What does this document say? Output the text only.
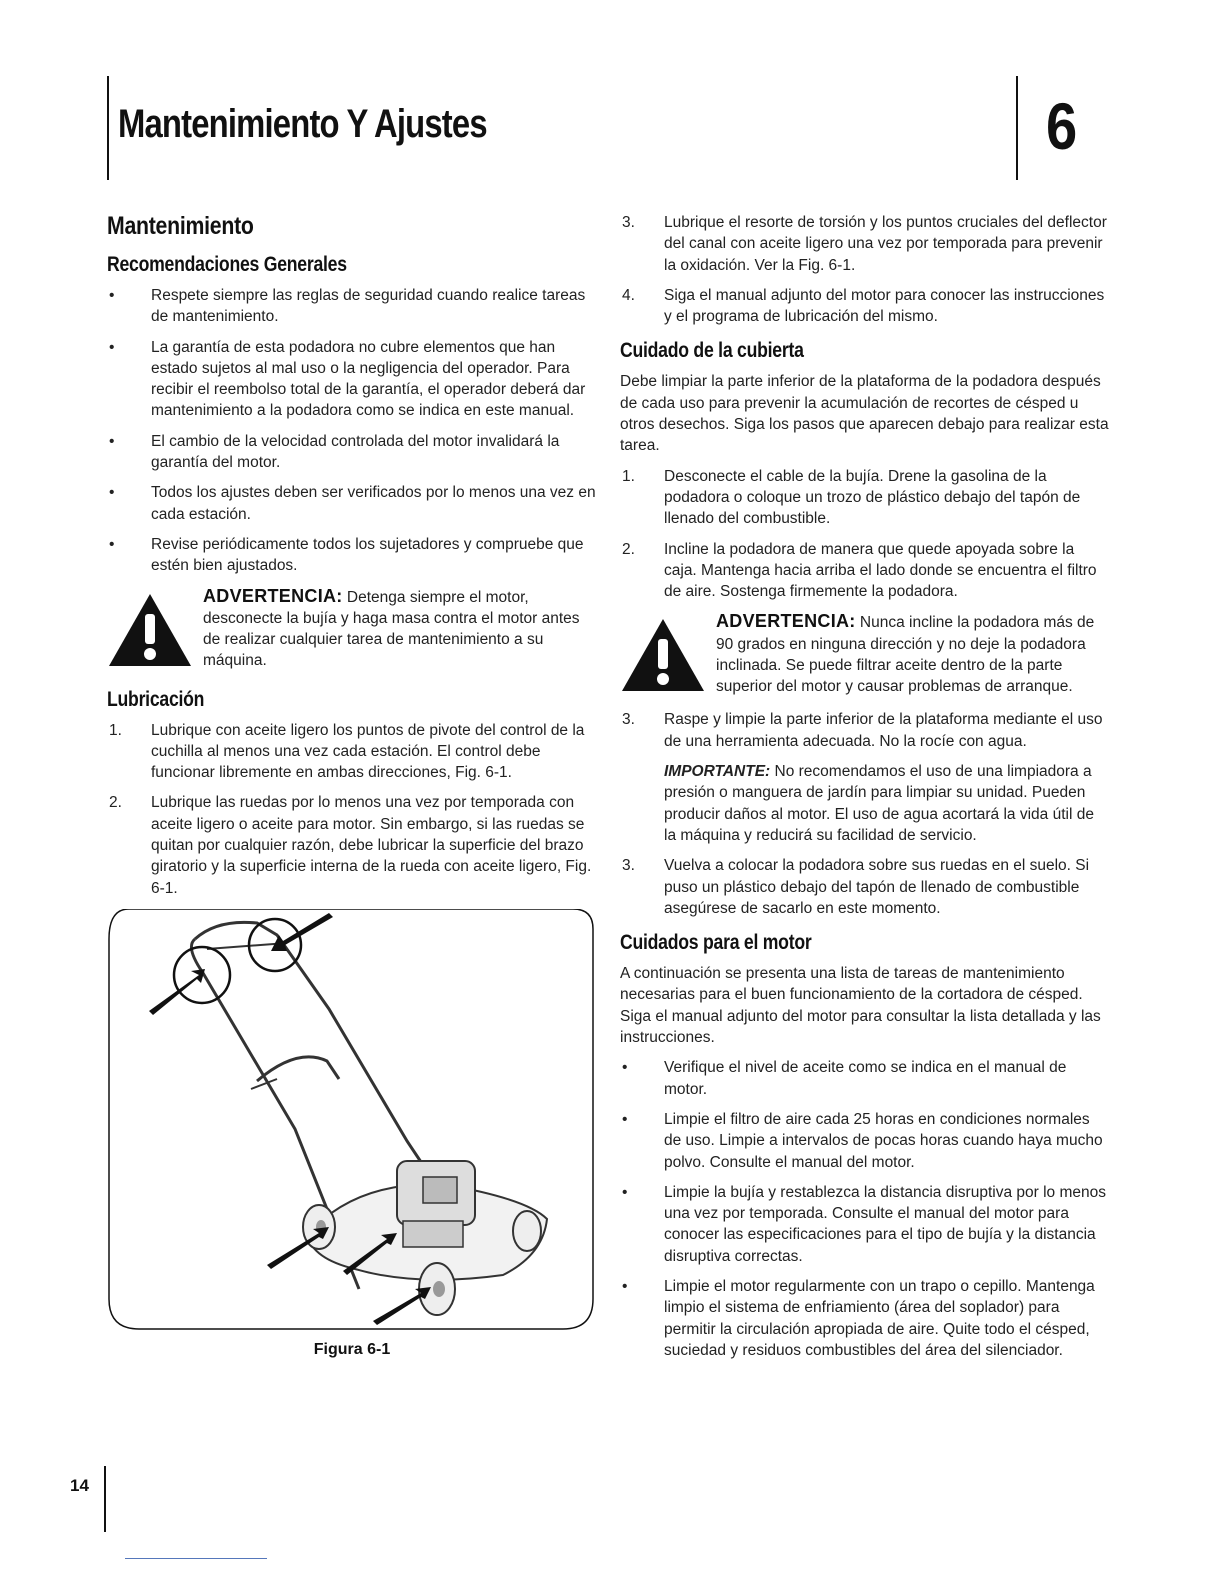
Mantenimiento Y Ajustes	6
Mantenimiento
Recomendaciones Generales
• Respete siempre las reglas de seguridad cuando realice tareas de mantenimiento.
• La garantía de esta podadora no cubre elementos que han estado sujetos al mal uso o la negligencia del operador. Para recibir el reembolso total de la garantía, el operador deberá dar mantenimiento a la podadora como se indica en este manual.
• El cambio de la velocidad controlada del motor invalidará la garantía del motor.
• Todos los ajustes deben ser verificados por lo menos una vez en cada estación.
• Revise periódicamente todos los sujetadores y compruebe que estén bien ajustados.
ADVERTENCIA: Detenga siempre el motor, desconecte la bujía y haga masa contra el motor antes de realizar cualquier tarea de mantenimiento a su máquina.
Lubricación
1. Lubrique con aceite ligero los puntos de pivote del control de la cuchilla al menos una vez cada estación. El control debe funcionar libremente en ambas direcciones, Fig. 6-1.
2. Lubrique las ruedas por lo menos una vez por temporada con aceite ligero o aceite para motor. Sin embargo, si las ruedas se quitan por cualquier razón, debe lubricar la superficie del brazo giratorio y la superficie interna de la rueda con aceite ligero, Fig. 6-1.
Figura 6-1
3. Lubrique el resorte de torsión y los puntos cruciales del deflector del canal con aceite ligero una vez por temporada para prevenir la oxidación. Ver la Fig. 6-1.
4. Siga el manual adjunto del motor para conocer las instrucciones y el programa de lubricación del mismo.
Cuidado de la cubierta

Debe limpiar la parte inferior de la plataforma de la podadora después de cada uso para prevenir la acumulación de recortes de césped u otros desechos. Siga los pasos que aparecen debajo para realizar esta tarea.

1. Desconecte el cable de la bujía. Drene la gasolina de la podadora o coloque un trozo de plástico debajo del tapón de llenado del combustible.
2. Incline la podadora de manera que quede apoyada sobre la caja. Mantenga hacia arriba el lado donde se encuentra el filtro de aire. Sostenga firmemente la podadora.
ADVERTENCIA: Nunca incline la podadora más de 90 grados en ninguna dirección y no deje la podadora inclinada. Se puede filtrar aceite dentro de la parte superior del motor y causar problemas de arranque.
3. Raspe y limpie la parte inferior de la plataforma mediante el uso de una herramienta adecuada. No la rocíe con agua.
IMPORTANTE: No recomendamos el uso de una limpiadora a presión o manguera de jardín para limpiar su unidad. Pueden producir daños al motor. El uso de agua acortará la vida útil de la máquina y reducirá su facilidad de servicio.
3. Vuelva a colocar la podadora sobre sus ruedas en el suelo. Si puso un plástico debajo del tapón de llenado de combustible asegúrese de sacarlo en este momento.
Cuidados para el motor

A continuación se presenta una lista de tareas de mantenimiento necesarias para el buen funcionamiento de la cortadora de césped. Siga el manual adjunto del motor para consultar la lista detallada y las instrucciones.

• Verifique el nivel de aceite como se indica en el manual de motor.
• Limpie el filtro de aire cada 25 horas en condiciones normales de uso. Limpie a intervalos de pocas horas cuando haya mucho polvo. Consulte el manual del motor.
• Limpie la bujía y restablezca la distancia disruptiva por lo menos una vez por temporada. Consulte el manual del motor para conocer las especificaciones para el tipo de bujía y la distancia disruptiva correctas.
• Limpie el motor regularmente con un trapo o cepillo. Mantenga limpio el sistema de enfriamiento (área del soplador) para permitir la circulación apropiada de aire. Quite todo el césped, suciedad y residuos combustibles del área del silenciador.
14
